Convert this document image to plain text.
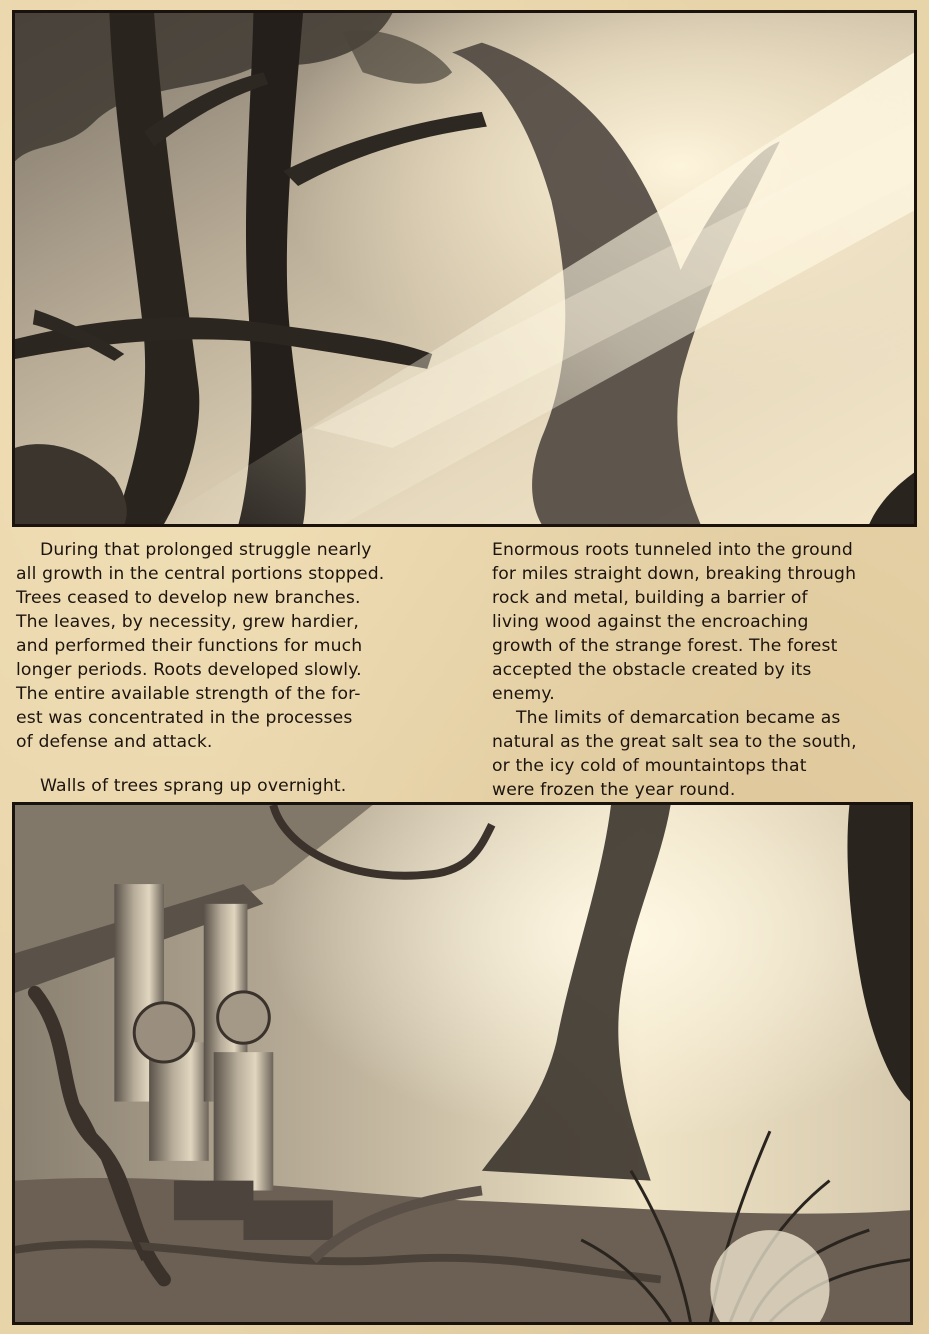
During that prolonged struggle nearly

all growth in the central portions stopped.
Trees ceased to develop new branches.
The leaves, by necessity, grew hardier,
and performed their functions for much
longer periods. Roots developed slowly.
The entire available strength of the for-
est was concentrated in the processes
of defense and attack.

Walls of trees sprang up overnight.

Enormous roots tunneled into the ground
for miles straight down, breaking through
rock and metal, building a barrier of
living wood against the encroaching
growth of the strange forest. The forest
accepted the obstacle created by its
enemy.

The limits of demarcation became as

natural as the great salt sea to the south,
or the icy cold of mountaintops that
were frozen the year round.
